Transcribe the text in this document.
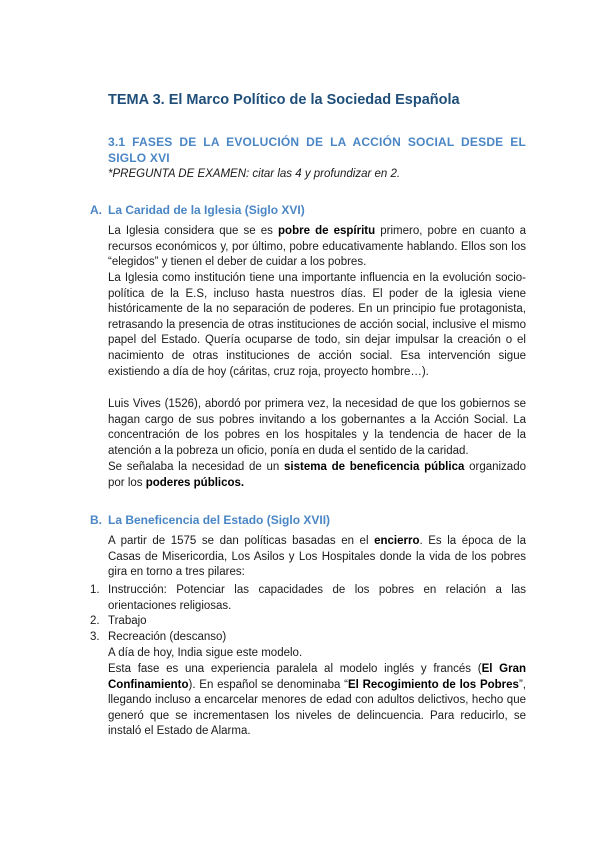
TEMA 3. El Marco Político de la Sociedad Española
3.1 FASES DE LA EVOLUCIÓN DE LA ACCIÓN SOCIAL DESDE EL SIGLO XVI

*PREGUNTA DE EXAMEN: citar las 4 y profundizar en 2.

A. La Caridad de la Iglesia (Siglo XVI)

La Iglesia considera que se es pobre de espíritu primero, pobre en cuanto a recursos económicos y, por último, pobre educativamente hablando. Ellos son los “elegidos” y tienen el deber de cuidar a los pobres.

La Iglesia como institución tiene una importante influencia en la evolución socio-política de la E.S, incluso hasta nuestros días. El poder de la iglesia viene históricamente de la no separación de poderes. En un principio fue protagonista, retrasando la presencia de otras instituciones de acción social, inclusive el mismo papel del Estado. Quería ocuparse de todo, sin dejar impulsar la creación o el nacimiento de otras instituciones de acción social. Esa intervención sigue existiendo a día de hoy (cáritas, cruz roja, proyecto hombre…).

Luis Vives (1526), abordó por primera vez, la necesidad de que los gobiernos se hagan cargo de sus pobres invitando a los gobernantes a la Acción Social. La concentración de los pobres en los hospitales y la tendencia de hacer de la atención a la pobreza un oficio, ponía en duda el sentido de la caridad.

Se señalaba la necesidad de un sistema de beneficencia pública organizado por los poderes públicos.

B. La Beneficencia del Estado (Siglo XVII)

A partir de 1575 se dan políticas basadas en el encierro. Es la época de la Casas de Misericordia, Los Asilos y Los Hospitales donde la vida de los pobres gira en torno a tres pilares:

1. Instrucción: Potenciar las capacidades de los pobres en relación a las orientaciones religiosas.
2. Trabajo
3. Recreación (descanso)

A día de hoy, India sigue este modelo.

Esta fase es una experiencia paralela al modelo inglés y francés (El Gran Confinamiento). En español se denominaba “El Recogimiento de los Pobres”, llegando incluso a encarcelar menores de edad con adultos delictivos, hecho que generó que se incrementasen los niveles de delincuencia. Para reducirlo, se instaló el Estado de Alarma.
